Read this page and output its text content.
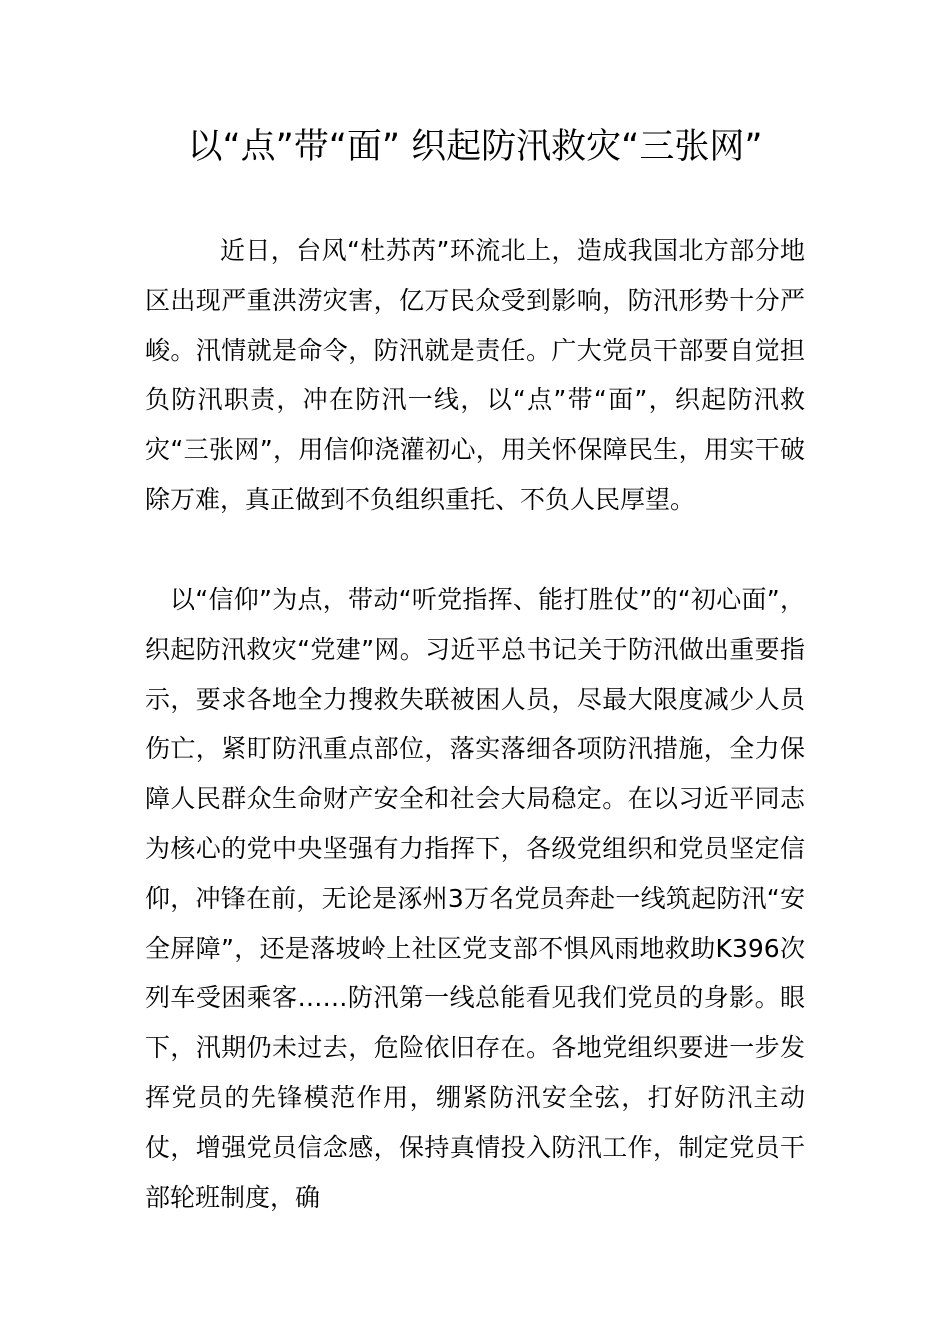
以“点”带“面” 织起防汛救灾“三张网”

近日，台风“杜苏芮”环流北上，造成我国北方部分地区出现严重洪涝灾害，亿万民众受到影响，防汛形势十分严峻。汛情就是命令，防汛就是责任。广大党员干部要自觉担负防汛职责，冲在防汛一线，以“点”带“面”，织起防汛救灾“三张网”，用信仰浇灌初心，用关怀保障民生，用实干破除万难，真正做到不负组织重托、不负人民厚望。

以“信仰”为点，带动“听党指挥、能打胜仗”的“初心面”，织起防汛救灾“党建”网。习近平总书记关于防汛做出重要指示，要求各地全力搜救失联被困人员，尽最大限度减少人员伤亡，紧盯防汛重点部位，落实落细各项防汛措施，全力保障人民群众生命财产安全和社会大局稳定。在以习近平同志为核心的党中央坚强有力指挥下，各级党组织和党员坚定信仰，冲锋在前，无论是涿州3万名党员奔赴一线筑起防汛“安全屏障”，还是落坡岭上社区党支部不惧风雨地救助K396次列车受困乘客……防汛第一线总能看见我们党员的身影。眼下，汛期仍未过去，危险依旧存在。各地党组织要进一步发挥党员的先锋模范作用，绷紧防汛安全弦，打好防汛主动仗，增强党员信念感，保持真情投入防汛工作，制定党员干部轮班制度，确
